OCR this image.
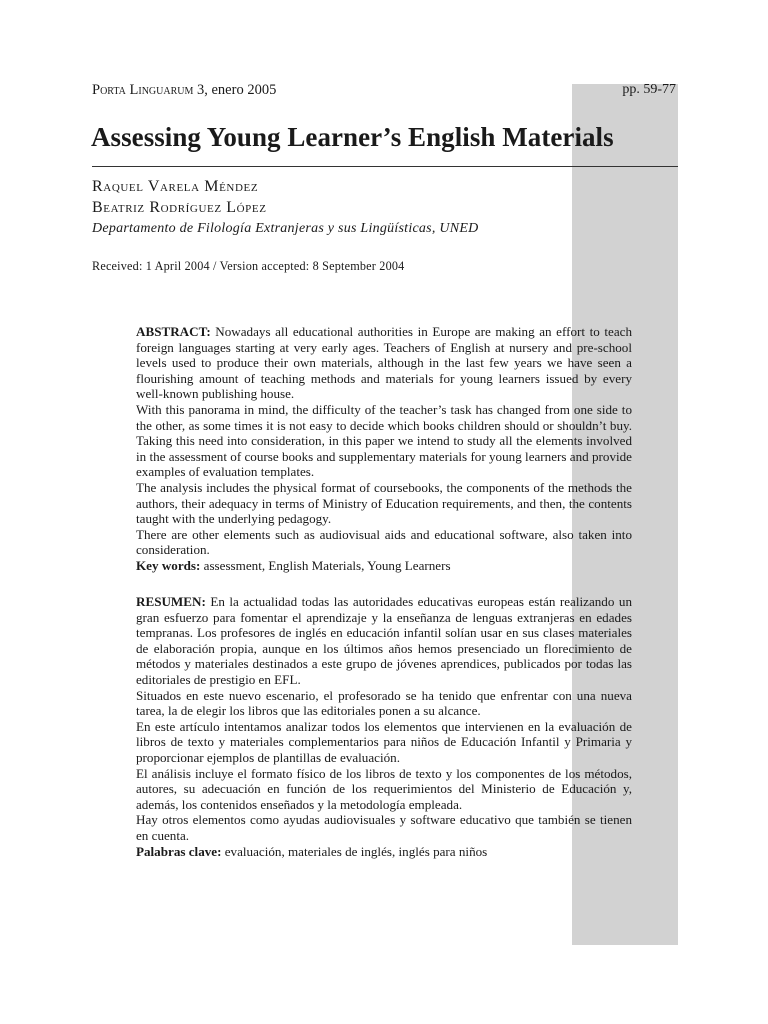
Porta Linguarum 3, enero 2005	pp. 59-77
Assessing Young Learner’s English Materials
Raquel Varela Méndez
Beatriz Rodríguez López
Departamento de Filología Extranjeras y sus Lingüísticas, UNED
Received: 1 April 2004 / Version accepted: 8 September 2004

ABSTRACT: Nowadays all educational authorities in Europe are making an effort to teach foreign languages starting at very early ages. Teachers of English at nursery and pre-school levels used to produce their own materials, although in the last few years we have seen a flourishing amount of teaching methods and materials for young learners issued by every well-known publishing house.

With this panorama in mind, the difficulty of the teacher’s task has changed from one side to the other, as some times it is not easy to decide which books children should or shouldn’t buy. Taking this need into consideration, in this paper we intend to study all the elements involved in the assessment of course books and supplementary materials for young learners and provide examples of evaluation templates.

The analysis includes the physical format of coursebooks, the components of the methods the authors, their adequacy in terms of Ministry of Education requirements, and then, the contents taught with the underlying pedagogy.

There are other elements such as audiovisual aids and educational software, also taken into consideration.

Key words: assessment, English Materials, Young Learners

RESUMEN: En la actualidad todas las autoridades educativas europeas están realizando un gran esfuerzo para fomentar el aprendizaje y la enseñanza de lenguas extranjeras en edades tempranas. Los profesores de inglés en educación infantil solían usar en sus clases materiales de elaboración propia, aunque en los últimos años hemos presenciado un florecimiento de métodos y materiales destinados a este grupo de jóvenes aprendices, publicados por todas las editoriales de prestigio en EFL.

Situados en este nuevo escenario, el profesorado se ha tenido que enfrentar con una nueva tarea, la de elegir los libros que las editoriales ponen a su alcance.

En este artículo intentamos analizar todos los elementos que intervienen en la evaluación de libros de texto y materiales complementarios para niños de Educación Infantil y Primaria y proporcionar ejemplos de plantillas de evaluación.

El análisis incluye el formato físico de los libros de texto y los componentes de los métodos, autores, su adecuación en función de los requerimientos del Ministerio de Educación y, además, los contenidos enseñados y la metodología empleada.

Hay otros elementos como ayudas audiovisuales y software educativo que también se tienen en cuenta.

Palabras clave: evaluación, materiales de inglés, inglés para niños
